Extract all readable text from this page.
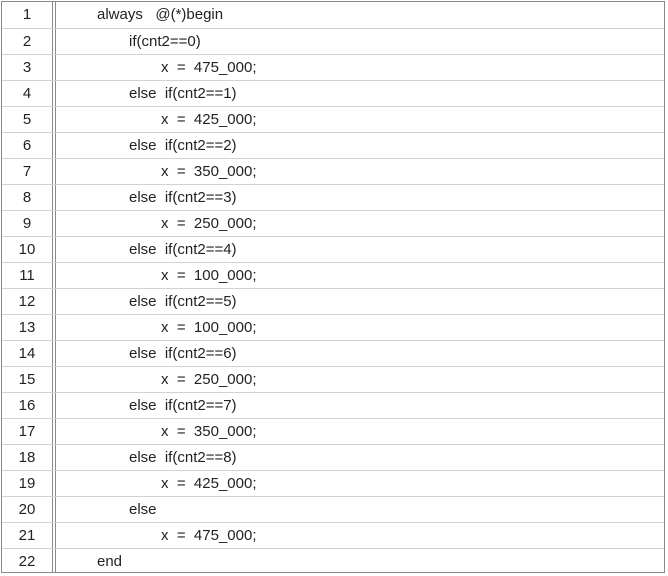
1	always   @(*)begin
2	if(cnt2==0)
3	x  =  475_000;
4	else  if(cnt2==1)
5	x  =  425_000;
6	else  if(cnt2==2)
7	x  =  350_000;
8	else  if(cnt2==3)
9	x  =  250_000;
10	else  if(cnt2==4)
11	x  =  100_000;
12	else  if(cnt2==5)
13	x  =  100_000;
14	else  if(cnt2==6)
15	x  =  250_000;
16	else  if(cnt2==7)
17	x  =  350_000;
18	else  if(cnt2==8)
19	x  =  425_000;
20	else
21	x  =  475_000;
22	end
